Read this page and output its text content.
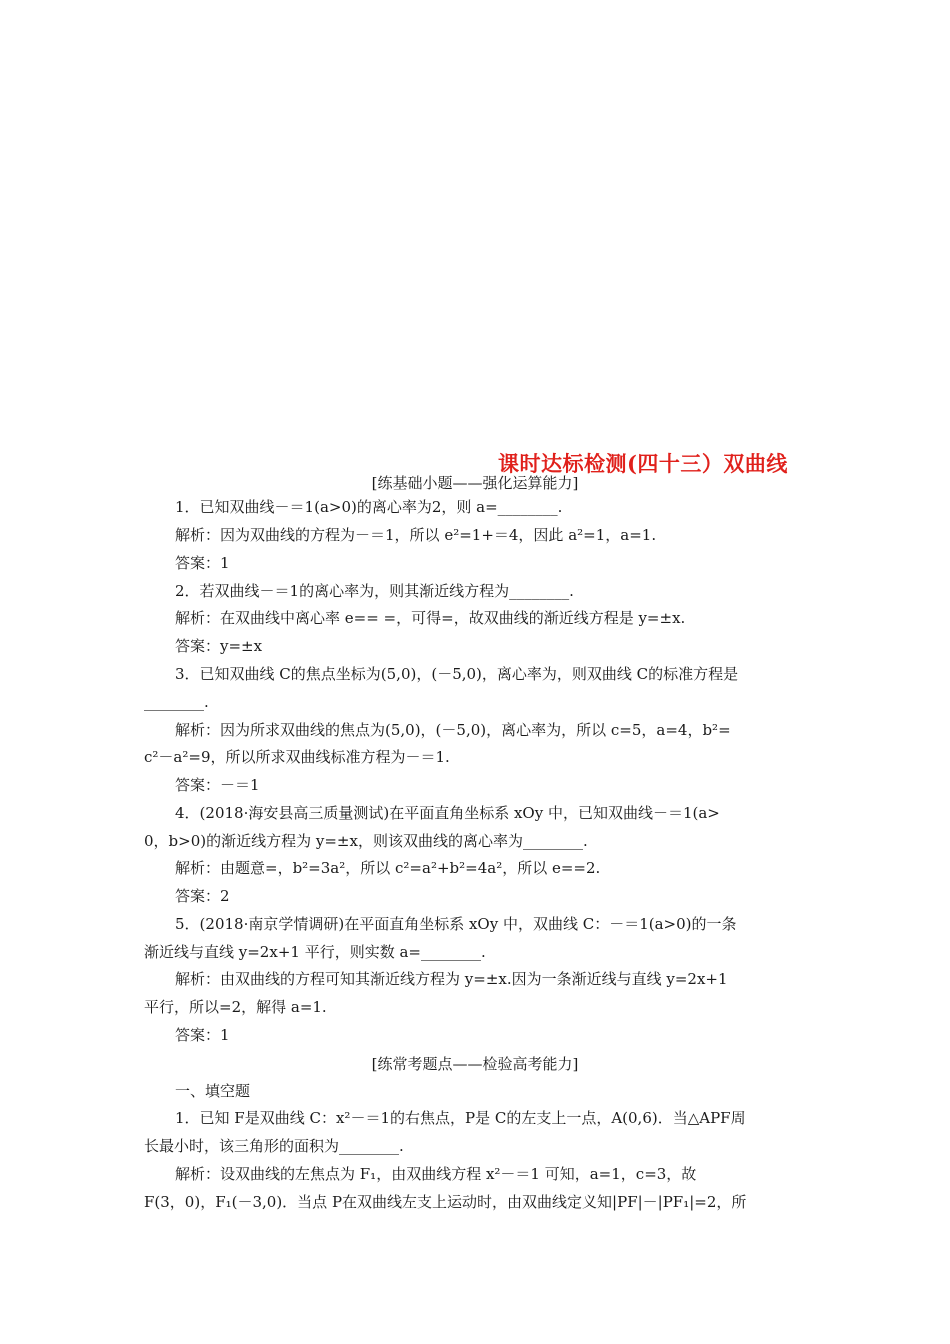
课时达标检测(四十三）双曲线
[练基础小题——强化运算能力]
[练常考题点——检验高考能力]
1．已知双曲线－＝1(a>0)的离心率为2，则 a=________.
解析：因为双曲线的方程为－＝1，所以 e²=1+＝4，因此 a²=1，a=1.
答案：1
2．若双曲线－＝1的离心率为，则其渐近线方程为________.
解析：在双曲线中离心率 e== =，可得=，故双曲线的渐近线方程是 y=±x.
答案：y=±x
3．已知双曲线 C的焦点坐标为(5,0)，(－5,0)，离心率为，则双曲线 C的标准方程是
________.
解析：因为所求双曲线的焦点为(5,0)，(－5,0)，离心率为，所以 c=5，a=4，b²=
c²－a²=9，所以所求双曲线标准方程为－＝1.
答案：－＝1
4．(2018·海安县高三质量测试)在平面直角坐标系 xOy 中，已知双曲线－＝1(a>
0，b>0)的渐近线方程为 y=±x，则该双曲线的离心率为________.
解析：由题意=，b²=3a²，所以 c²=a²+b²=4a²，所以 e==2.
答案：2
5．(2018·南京学情调研)在平面直角坐标系 xOy 中，双曲线 C：－＝1(a>0)的一条
渐近线与直线 y=2x+1 平行，则实数 a=________.
解析：由双曲线的方程可知其渐近线方程为 y=±x.因为一条渐近线与直线 y=2x+1
平行，所以=2，解得 a=1.
答案：1
一、填空题
1．已知 F是双曲线 C：x²－＝1的右焦点，P是 C的左支上一点，A(0,6)．当△APF周
长最小时，该三角形的面积为________.
解析：设双曲线的左焦点为 F₁，由双曲线方程 x²－＝1 可知，a=1，c=3，故
F(3，0)，F₁(－3,0)．当点 P在双曲线左支上运动时，由双曲线定义知|PF|－|PF₁|=2，所
